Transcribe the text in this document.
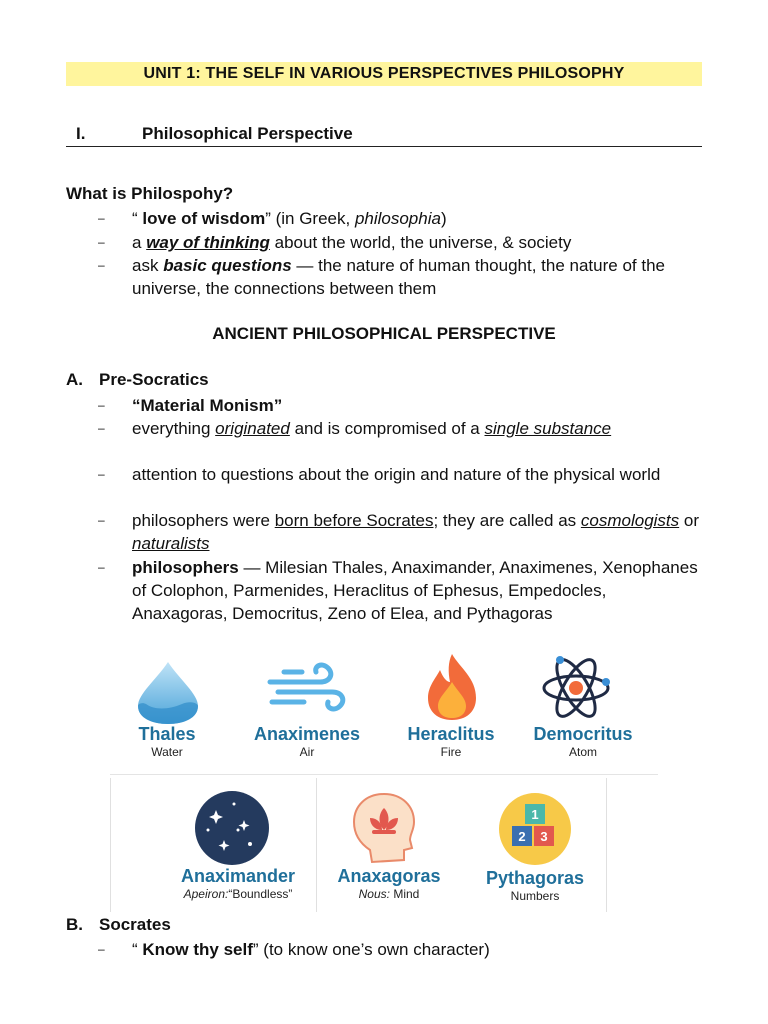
UNIT 1: THE SELF IN VARIOUS PERSPECTIVES PHILOSOPHY
I.	Philosophical Perspective
What is Philospohy?
–	“ love of wisdom” (in Greek, philosophia)
–	a way of thinking about the world, the universe, & society
–	ask basic questions — the nature of human thought, the nature of the universe, the connections between them
ANCIENT PHILOSOPHICAL PERSPECTIVE
A. Pre-Socratics
–	“Material Monism”
–	everything originated and is compromised of a single substance
–	attention to questions about the origin and nature of the physical world
–	philosophers were born before Socrates; they are called as cosmologists or naturalists
–	philosophers — Milesian Thales, Anaximander, Anaximenes, Xenophanes of Colophon, Parmenides, Heraclitus of Ephesus, Empedocles, Anaxagoras, Democritus, Zeno of Elea, and Pythagoras
Thales
Water
Anaximenes
Air
Heraclitus
Fire
Democritus
Atom
Anaximander
Apeiron:“Boundless”
Anaxagoras
Nous: Mind
1
2 3
Pythagoras
Numbers
B. Socrates
–	“ Know thy self” (to know one’s own character)
